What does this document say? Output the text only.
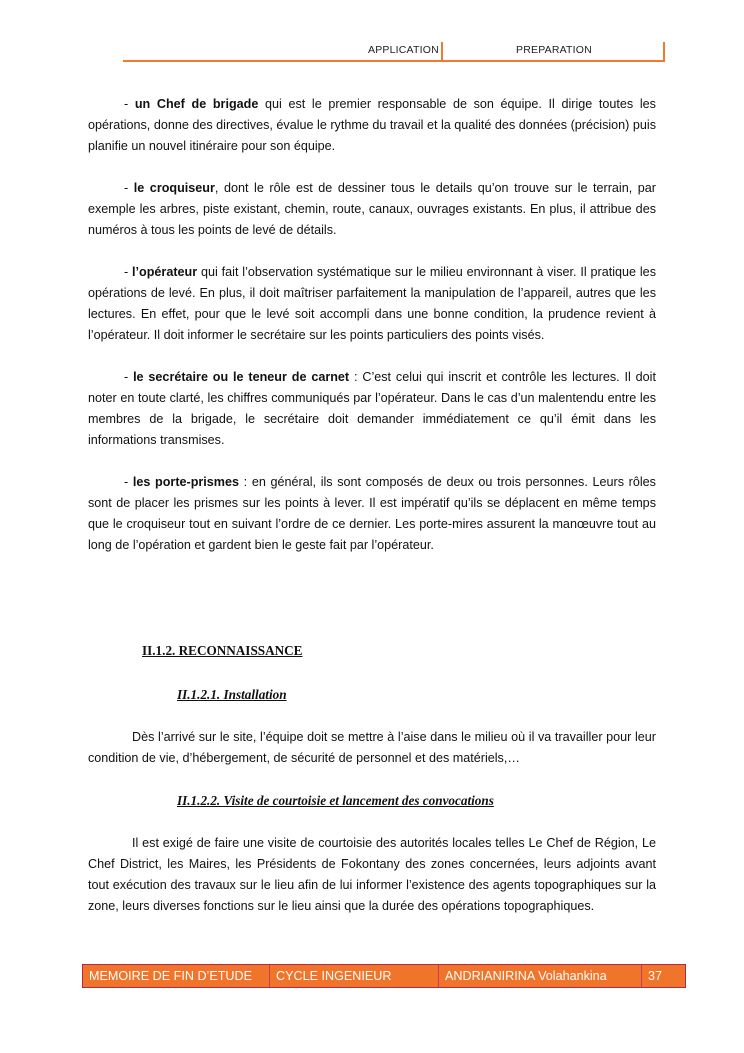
APPLICATION	PREPARATION

- un Chef de brigade qui est le premier responsable de son équipe. Il dirige toutes les opérations, donne des directives, évalue le rythme du travail et la qualité des données (précision) puis planifie un nouvel itinéraire pour son équipe.

- le croquiseur, dont le rôle est de dessiner tous le details qu’on trouve sur le terrain, par exemple les arbres, piste existant, chemin, route, canaux, ouvrages existants. En plus, il attribue des numéros à tous les points de levé de détails.

- l’opérateur qui fait l’observation systématique sur le milieu environnant à viser. Il pratique les opérations de levé. En plus, il doit maîtriser parfaitement la manipulation de l’appareil, autres que les lectures. En effet, pour que le levé soit accompli dans une bonne condition, la prudence revient à l’opérateur. Il doit informer le secrétaire sur les points particuliers des points visés.

- le secrétaire ou le teneur de carnet : C’est celui qui inscrit et contrôle les lectures. Il doit noter en toute clarté, les chiffres communiqués par l’opérateur. Dans le cas d’un malentendu entre les membres de la brigade, le secrétaire doit demander immédiatement ce qu’il émit dans les informations transmises.

- les porte-prismes : en général, ils sont composés de deux ou trois personnes. Leurs rôles sont de placer les prismes sur les points à lever. Il est impératif qu’ils se déplacent en même temps que le croquiseur tout en suivant l’ordre de ce dernier. Les porte-mires assurent la manœuvre tout au long de l’opération et gardent bien le geste fait par l’opérateur.

II.1.2. RECONNAISSANCE
II.1.2.1. Installation

Dès l’arrivé sur le site, l’équipe doit se mettre à l’aise dans le milieu où il va travailler pour leur condition de vie, d’hébergement, de sécurité de personnel et des matériels,…

II.1.2.2. Visite de courtoisie et lancement des convocations

Il est exigé de faire une visite de courtoisie des autorités locales telles Le Chef de Région, Le Chef District, les Maires, les Présidents de Fokontany des zones concernées, leurs adjoints avant tout exécution des travaux sur le lieu afin de lui informer l’existence des agents topographiques sur la zone, leurs diverses fonctions sur le lieu ainsi que la durée des opérations topographiques.

MEMOIRE DE FIN D’ETUDE	CYCLE INGENIEUR	ANDRIANIRINA Volahankina	37
